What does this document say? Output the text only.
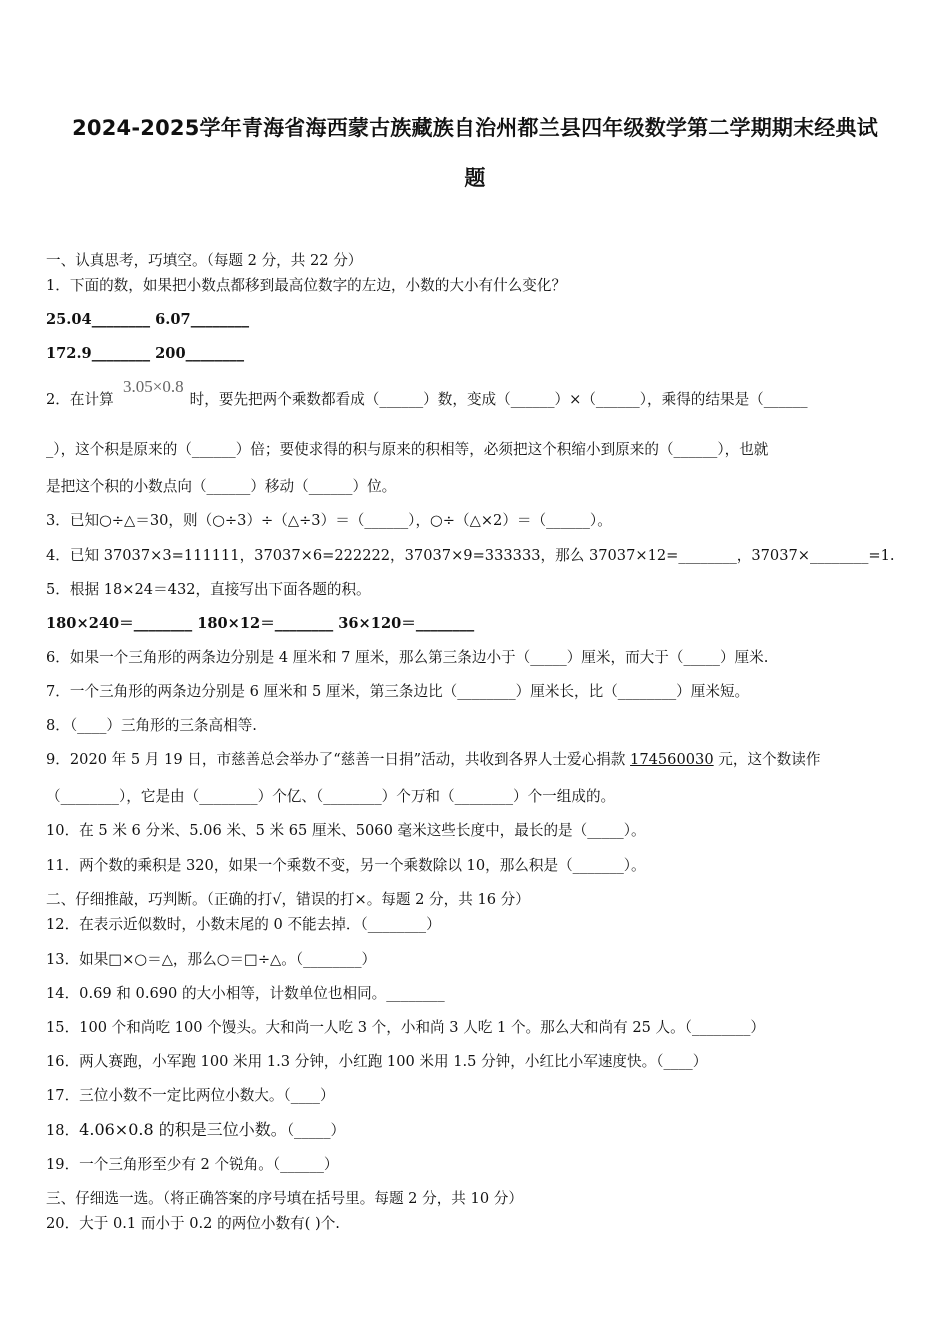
2024-2025学年青海省海西蒙古族藏族自治州都兰县四年级数学第二学期期末经典试
题
一、认真思考，巧填空。（每题 2 分，共 22 分）
1．下面的数，如果把小数点都移到最高位数字的左边，小数的大小有什么变化？
25.04________ 6.07________
172.9________ 200________
2．在计算	时，要先把两个乘数都看成（______）数，变成（______）×（______），乘得的结果是（______
3.05×0.8
_），这个积是原来的（______）倍；要使求得的积与原来的积相等，必须把这个积缩小到原来的（______），也就
是把这个积的小数点向（______）移动（______）位。
3．已知○÷△＝30，则（○÷3）÷（△÷3）＝（______），○÷（△×2）＝（______）。
4．已知 37037×3=111111，37037×6=222222，37037×9=333333，那么 37037×12=________，37037×________=1.
5．根据 18×24＝432，直接写出下面各题的积。
180×240＝________ 180×12＝________ 36×120＝________
6．如果一个三角形的两条边分别是 4 厘米和 7 厘米，那么第三条边小于（_____）厘米，而大于（_____）厘米.
7．一个三角形的两条边分别是 6 厘米和 5 厘米，第三条边比（________）厘米长，比（________）厘米短。
8．（____）三角形的三条高相等.
9．2020 年 5 月 19 日，市慈善总会举办了“慈善一日捐”活动，共收到各界人士爱心捐款 174560030 元，这个数读作
（________），它是由（________）个亿、（________）个万和（________）个一组成的。
10．在 5 米 6 分米、5.06 米、5 米 65 厘米、5060 毫米这些长度中，最长的是（_____）。
11．两个数的乘积是 320，如果一个乘数不变，另一个乘数除以 10，那么积是（_______）。
二、仔细推敲，巧判断。（正确的打√，错误的打×。每题 2 分，共 16 分）
12．在表示近似数时，小数末尾的 0 不能去掉．（________）
13．如果□×○＝△，那么○＝□÷△。（________）
14．0.69 和 0.690 的大小相等，计数单位也相同。________
15．100 个和尚吃 100 个馒头。大和尚一人吃 3 个，小和尚 3 人吃 1 个。那么大和尚有 25 人。（________）
16．两人赛跑，小军跑 100 米用 1.3 分钟，小红跑 100 米用 1.5 分钟，小红比小军速度快。（____）
17．三位小数不一定比两位小数大。（____）
18．4.06×0.8 的积是三位小数。（_____）
19．一个三角形至少有 2 个锐角。（______）
三、仔细选一选。（将正确答案的序号填在括号里。每题 2 分，共 10 分）
20．大于 0.1 而小于 0.2 的两位小数有( )个.
